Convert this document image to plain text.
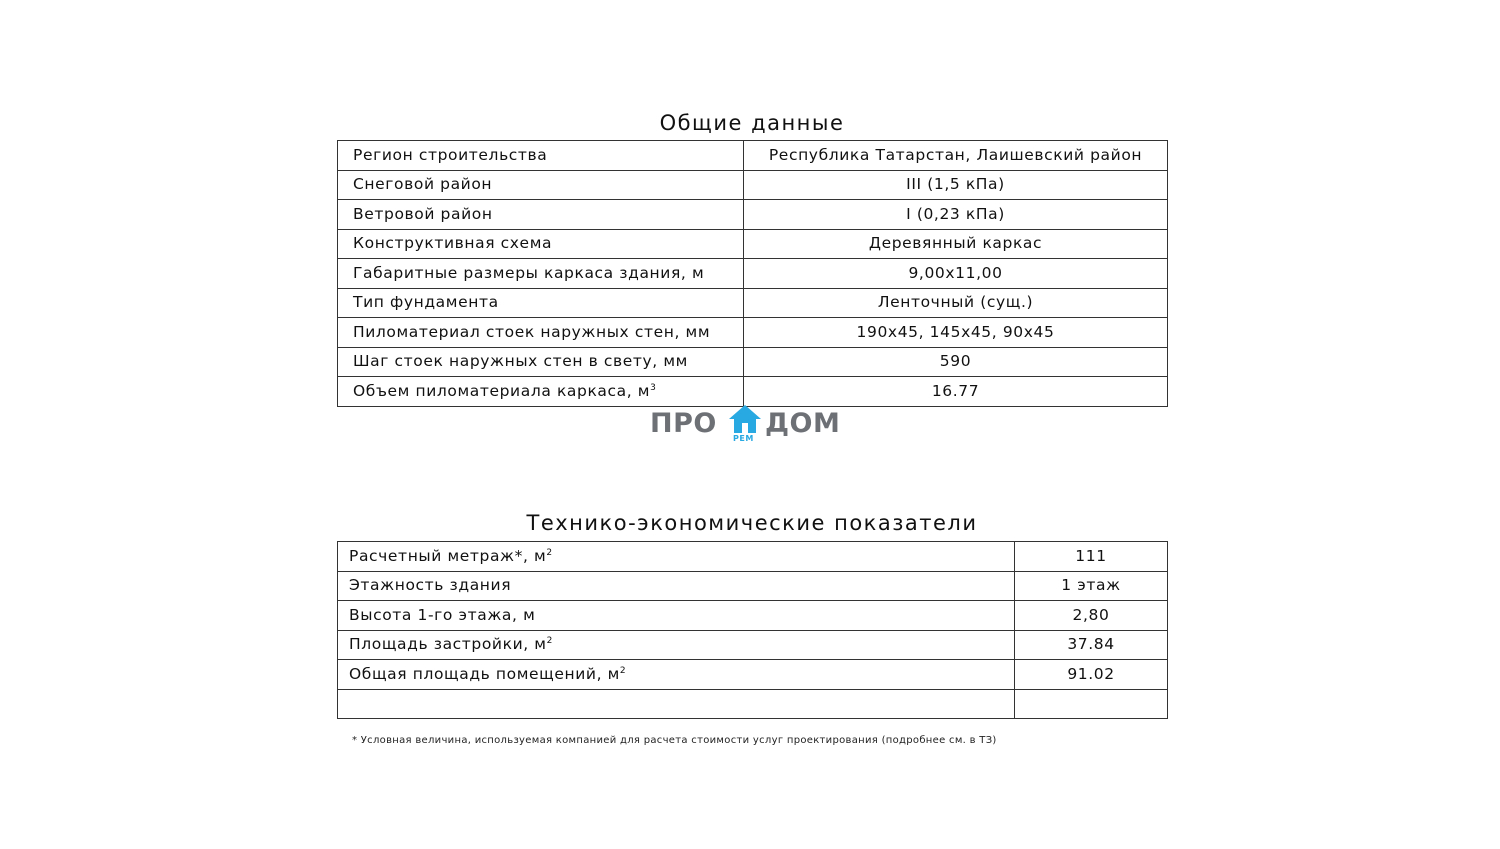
Общие данные
Регион строительства	Республика Татарстан, Лаишевский район
Снеговой район	III (1,5 кПа)
Ветровой район	I (0,23 кПа)
Конструктивная схема	Деревянный каркас
Габаритные размеры каркаса здания, м	9,00х11,00
Тип фундамента	Ленточный (сущ.)
Пиломатериал стоек наружных стен, мм	190х45, 145х45, 90х45
Шаг стоек наружных стен в свету, мм	590
Объем пиломатериала каркаса, $м^3$	16.77
ПРО РЕМ ДОМ
Технико-экономические показатели
Расчетный метраж*, $м^2$	111
Этажность здания	1 этаж
Высота 1-го этажа, м	2,80
Площадь застройки, $м^2$	37.84
Общая площадь помещений, $м^2$	91.02

* Условная величина, используемая компанией для расчета стоимости услуг проектирования (подробнее см. в ТЗ)
